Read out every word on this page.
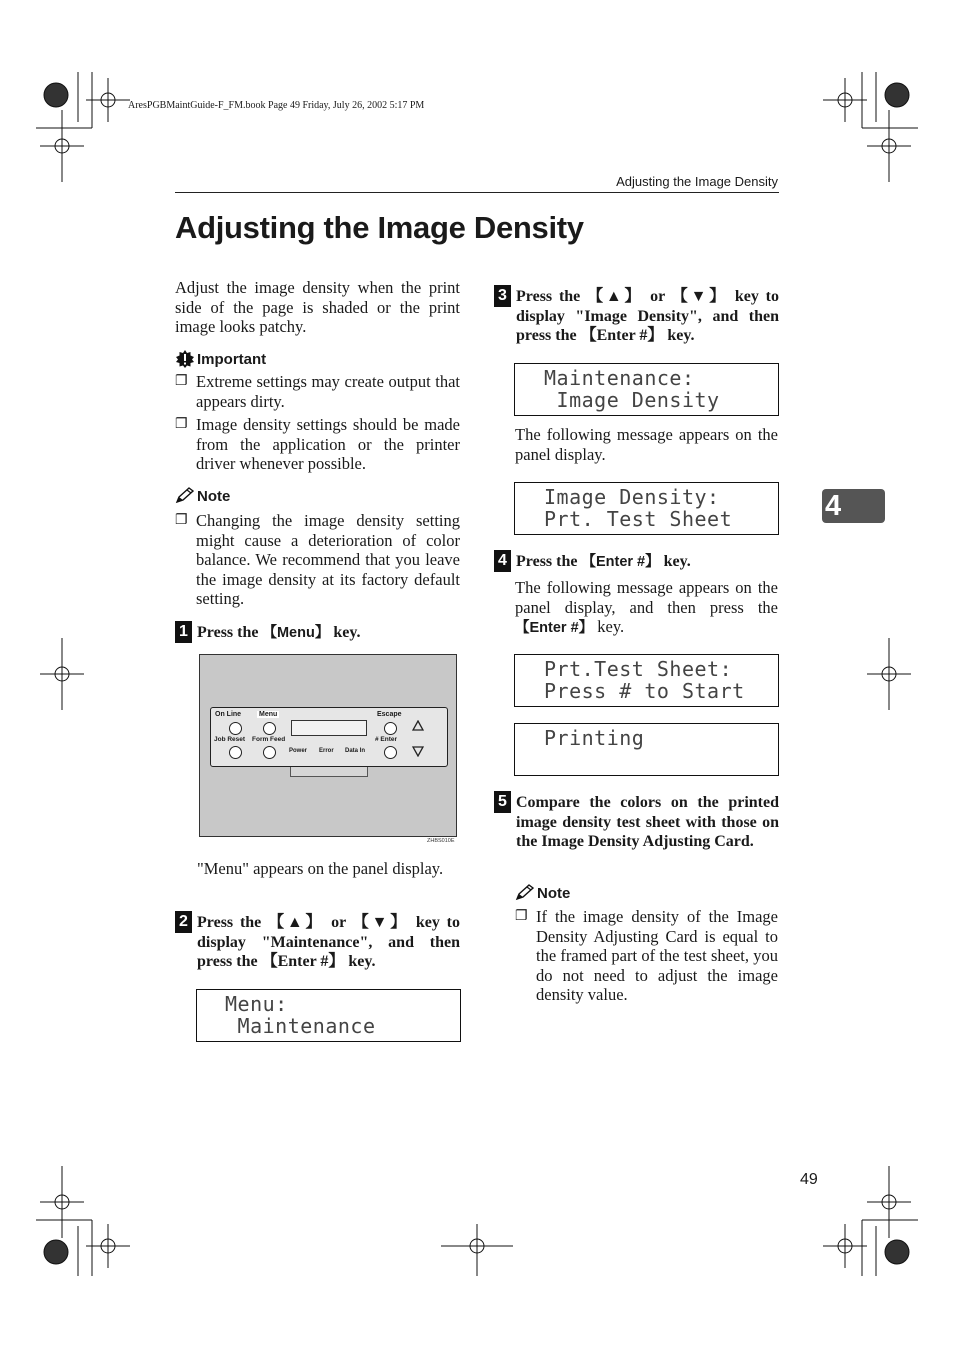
AresPGBMaintGuide-F_FM.book Page 49 Friday, July 26, 2002 5:17 PM
Adjusting the Image Density
Adjusting the Image Density
Adjust the image density when the print side of the page is shaded or the print image looks patchy.
Important
❐ Extreme settings may create output that appears dirty.
❐ Image density settings should be made from the application or the printer driver whenever possible.
Note
❐ Changing the image density setting might cause a deterioration of color balance. We recommend that you leave the image density at its factory default setting.
1 Press the 【Menu】 key.
On Line	Menu	Escape
Job Reset Form Feed
Power Error Data In
# Enter
ZHBS010E
"Menu" appears on the panel display.
2 Press the 【▲】 or 【▼】 key to display "Maintenance", and then press the 【Enter #】 key.
Menu:
Maintenance
3 Press the 【▲】 or 【▼】 key to display "Image Density", and then press the 【Enter #】 key.
Maintenance:
Image Density
The following message appears on the panel display.
Image Density:
Prt. Test Sheet
4 Press the 【Enter #】 key.
The following message appears on the panel display, and then press the 【Enter #】 key.
Prt.Test Sheet:
Press # to Start
Printing
5 Compare the colors on the printed image density test sheet with those on the Image Density Adjusting Card.
Note
❐ If the image density of the Image Density Adjusting Card is equal to the framed part of the test sheet, you do not need to adjust the image density value.
4
49
